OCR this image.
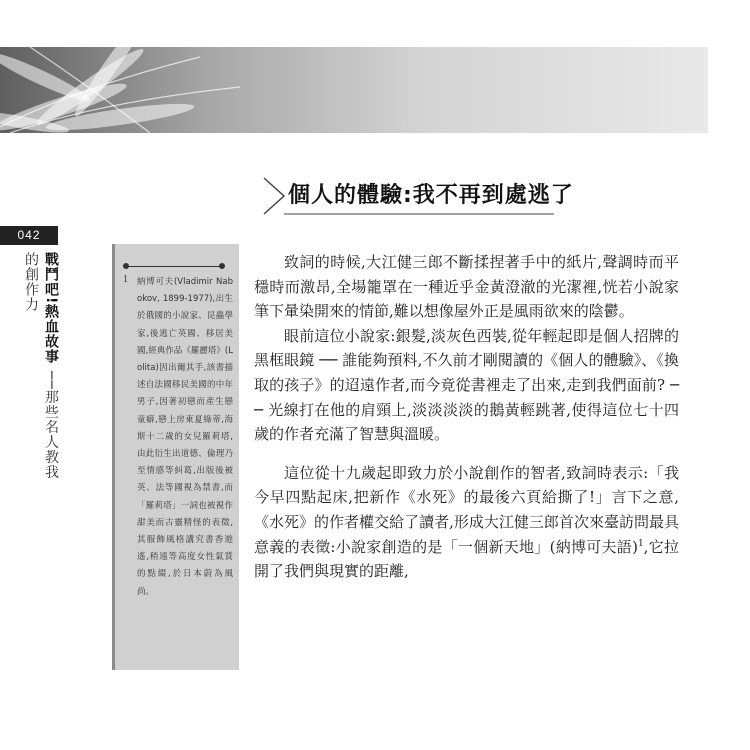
個人的體驗:我不再到處逃了
042
戰鬥吧!熱血故事 ──那些名人教我的創作力	1 納博可夫(Vladimir Nabokov, 1899-1977),出生於俄國的小說家、昆蟲學家,後逃亡英國、移居美國,經典作品《羅麗塔》(Lolita)因出爾其手,該書描述自法國移民美國的中年男子,因著初戀而產生戀童癖,戀上房東夏綠蒂,海斯十二歲的女兒羅莉塔,由此衍生出道德、倫理乃至情感等糾葛,出版後被英、法等國視為禁書,而「羅莉塔」一詞也被視作甜美而古靈精怪的表徵,其服飾風格講究書香遊遙,稍遠等高度女性氣質的點綴,於日本蔚為風尚。

致詞的時候,大江健三郎不斷揉捏著手中的紙片,聲調時而平穩時而激昂,全場籠罩在一種近乎金黃澄澈的光潔裡,恍若小說家筆下暈染開來的情節,難以想像屋外正是風雨欲來的陰鬱。

眼前這位小說家:銀髮,淡灰色西裝,從年輕起即是個人招牌的黑框眼鏡 ── 誰能夠預料,不久前才剛閱讀的《個人的體驗》、《換取的孩子》的迢遠作者,而今竟從書裡走了出來,走到我們面前? ── 光線打在他的肩頸上,淡淡淡淡的鵝黃輕跳著,使得這位七十四歲的作者充滿了智慧與溫暖。

這位從十九歲起即致力於小說創作的智者,致詞時表示:「我今早四點起床,把新作《水死》的最後六頁給撕了!」言下之意,《水死》的作者權交給了讀者,形成大江健三郎首次來臺訪問最具意義的表徵:小說家創造的是「一個新天地」(納博可夫語)$^1$,它拉開了我們與現實的距離,
